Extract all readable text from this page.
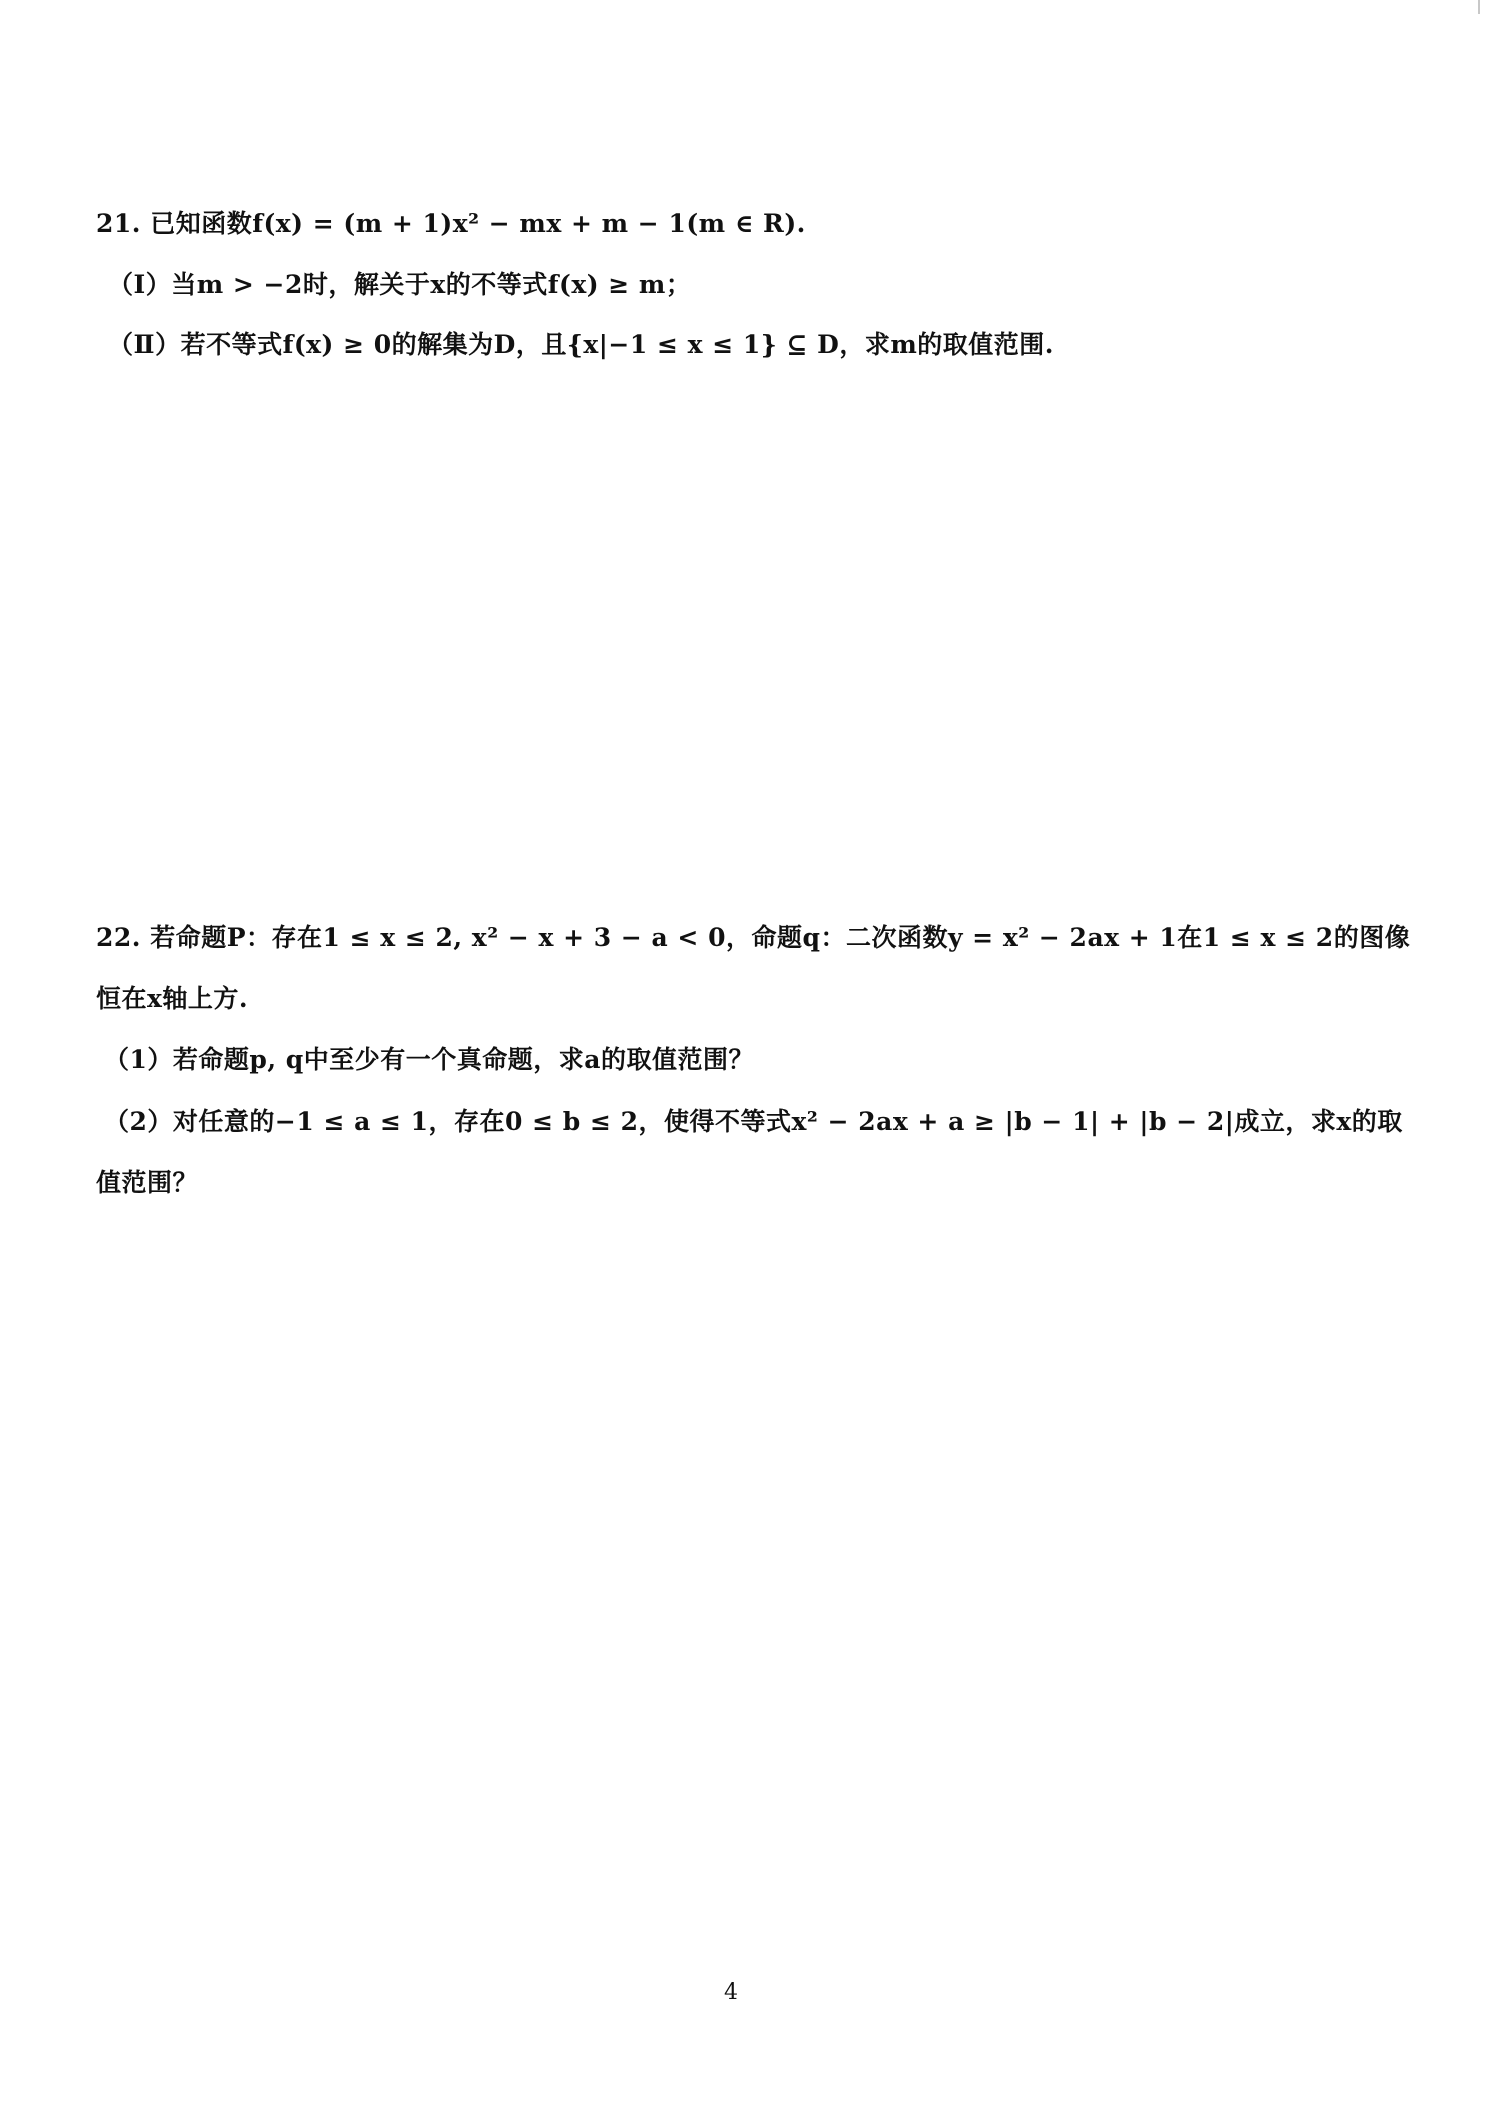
21. 已知函数f(x) = (m + 1)x² − mx + m − 1(m ∈ R).
（Ⅰ）当m > −2时，解关于x的不等式f(x) ≥ m；
（Ⅱ）若不等式f(x) ≥ 0的解集为D，且{x|−1 ≤ x ≤ 1} ⊆ D，求m的取值范围.
22. 若命题P：存在1 ≤ x ≤ 2, x² − x + 3 − a < 0，命题q：二次函数y = x² − 2ax + 1在1 ≤ x ≤ 2的图像
恒在x轴上方.
（1）若命题p, q中至少有一个真命题，求a的取值范围？
（2）对任意的−1 ≤ a ≤ 1，存在0 ≤ b ≤ 2，使得不等式x² − 2ax + a ≥ |b − 1| + |b − 2|成立，求x的取
值范围？
4
